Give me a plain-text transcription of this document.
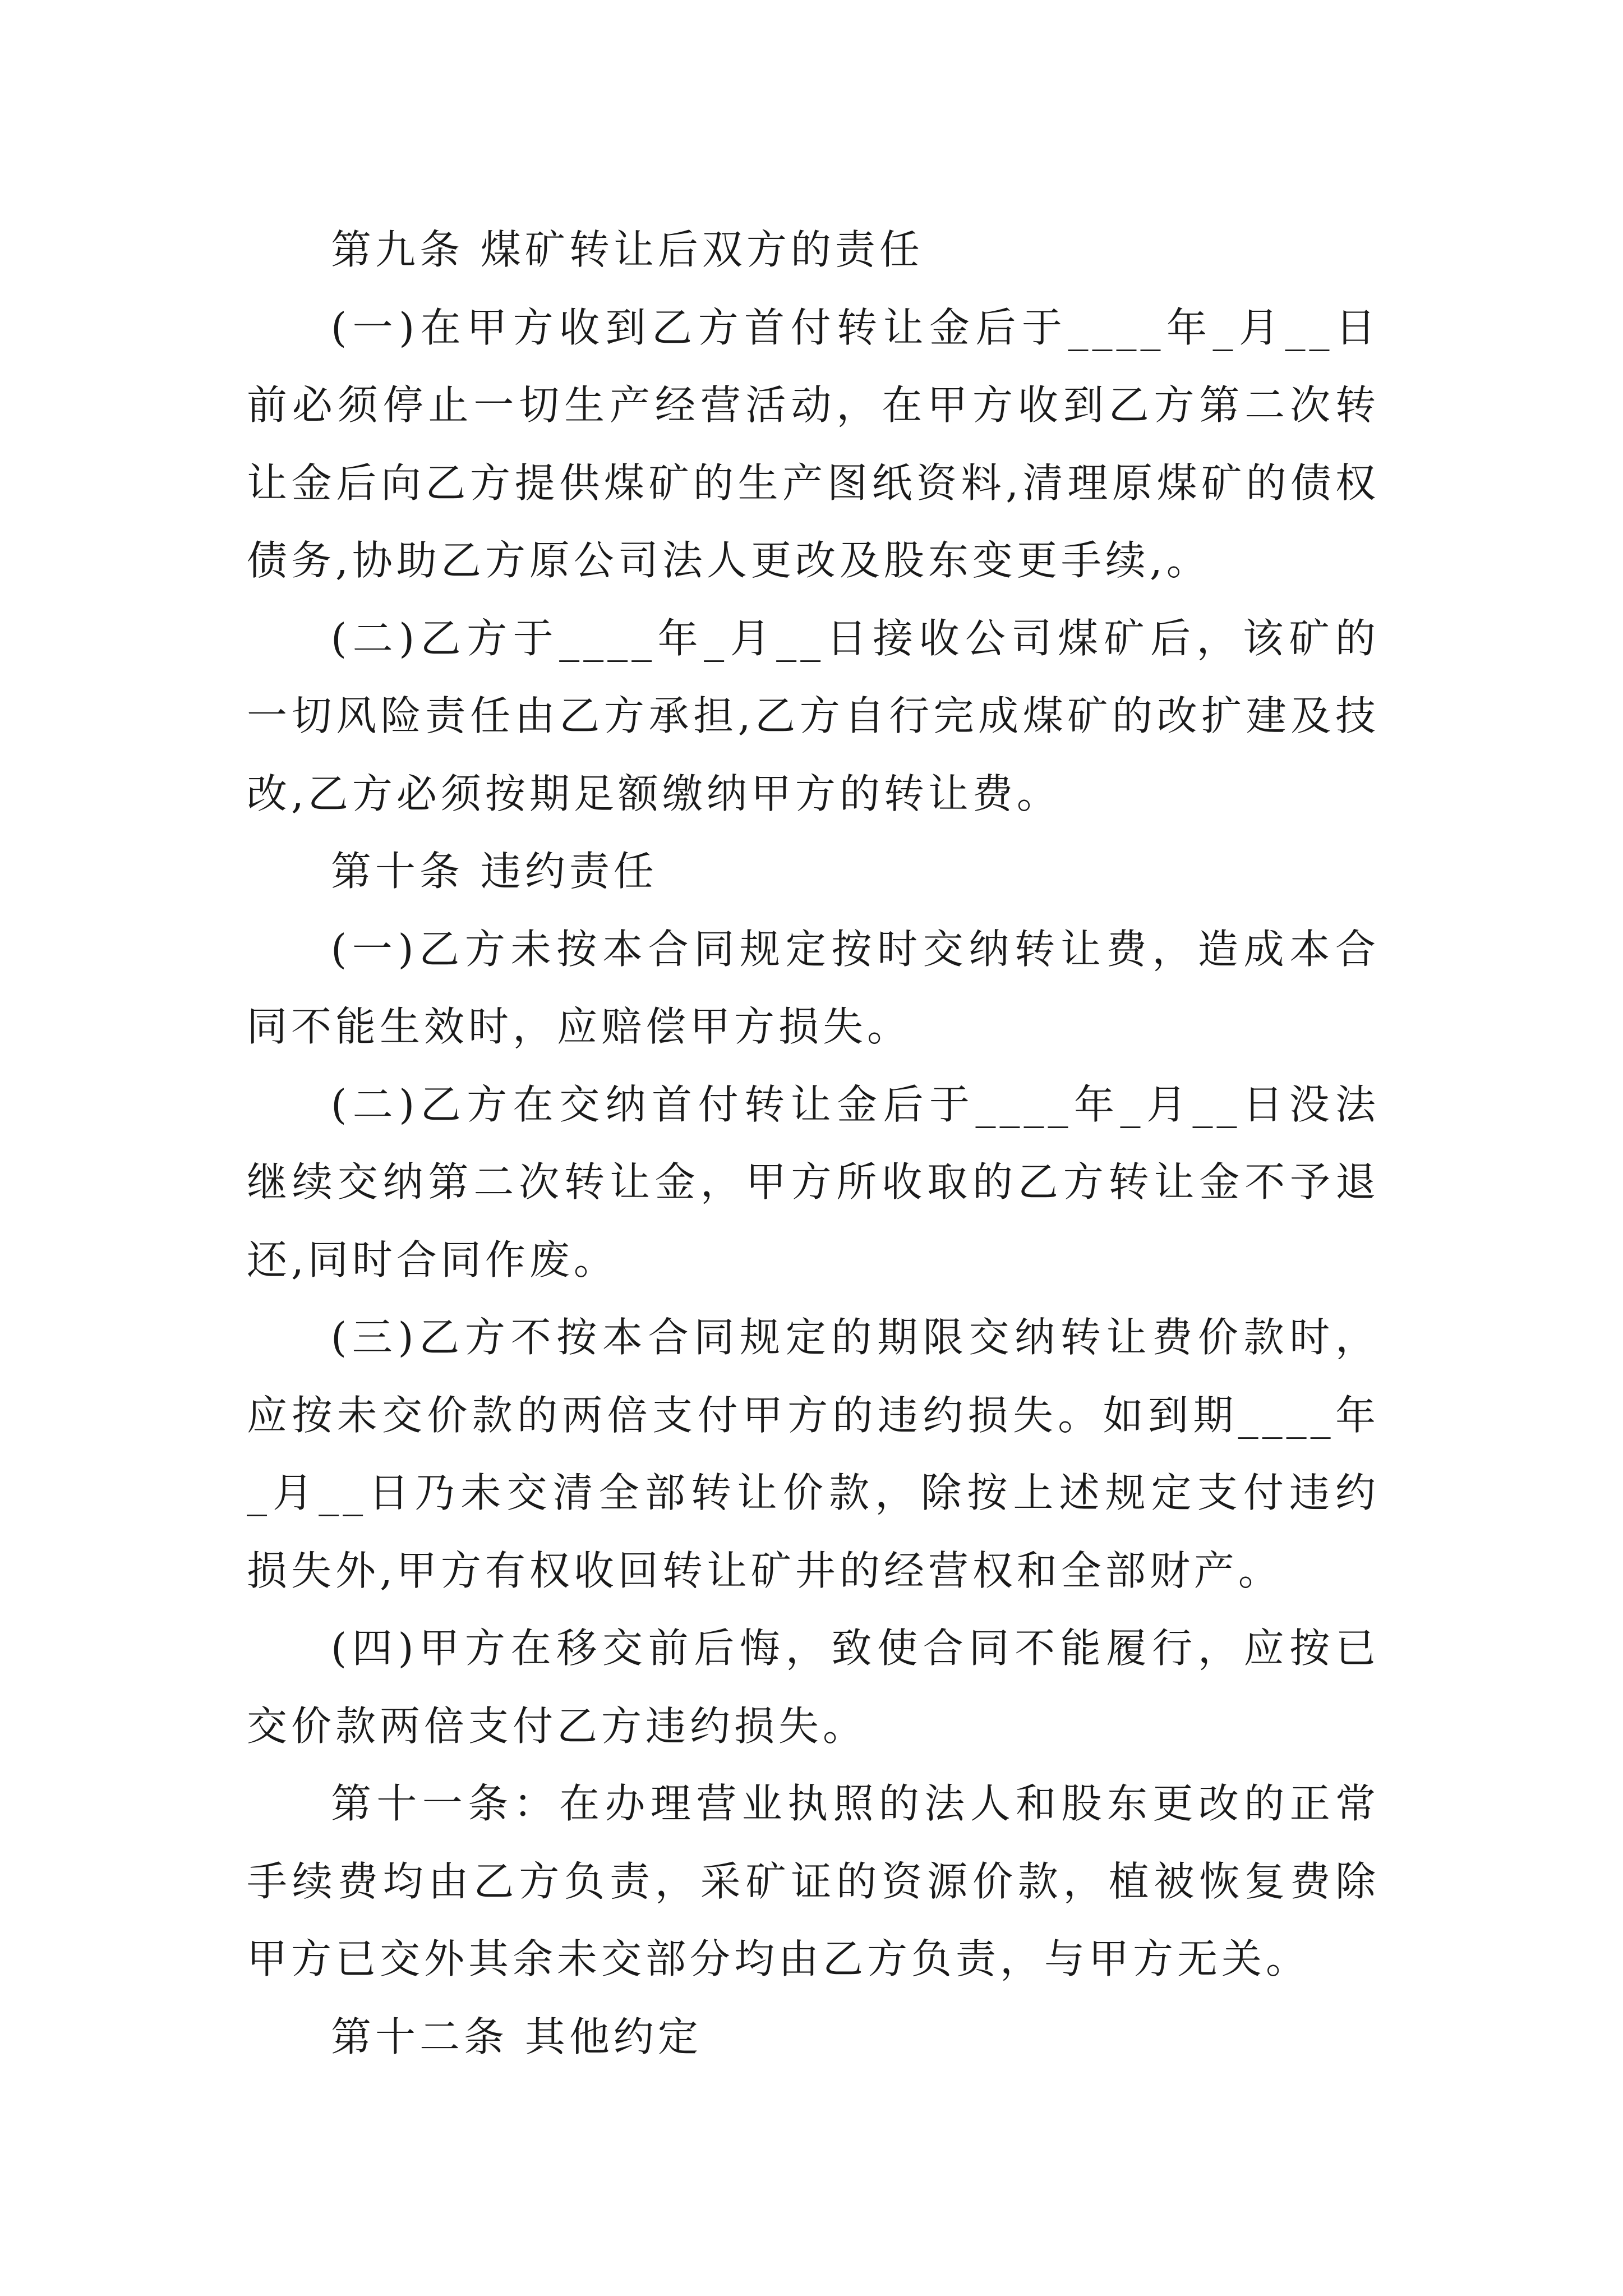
第九条 煤矿转让后双方的责任

(一)在甲方收到乙方首付转让金后于____年_月__日前必须停止一切生产经营活动，在甲方收到乙方第二次转让金后向乙方提供煤矿的生产图纸资料,清理原煤矿的债权债务,协助乙方原公司法人更改及股东变更手续,。

(二)乙方于____年_月__日接收公司煤矿后，该矿的一切风险责任由乙方承担,乙方自行完成煤矿的改扩建及技改,乙方必须按期足额缴纳甲方的转让费。

第十条 违约责任

(一)乙方未按本合同规定按时交纳转让费，造成本合同不能生效时，应赔偿甲方损失。

(二)乙方在交纳首付转让金后于____年_月__日没法继续交纳第二次转让金，甲方所收取的乙方转让金不予退还,同时合同作废。

(三)乙方不按本合同规定的期限交纳转让费价款时，应按未交价款的两倍支付甲方的违约损失。如到期____年_月__日乃未交清全部转让价款，除按上述规定支付违约损失外,甲方有权收回转让矿井的经营权和全部财产。

(四)甲方在移交前后悔，致使合同不能履行，应按已交价款两倍支付乙方违约损失。

第十一条：在办理营业执照的法人和股东更改的正常手续费均由乙方负责，采矿证的资源价款，植被恢复费除甲方已交外其余未交部分均由乙方负责，与甲方无关。

第十二条 其他约定
